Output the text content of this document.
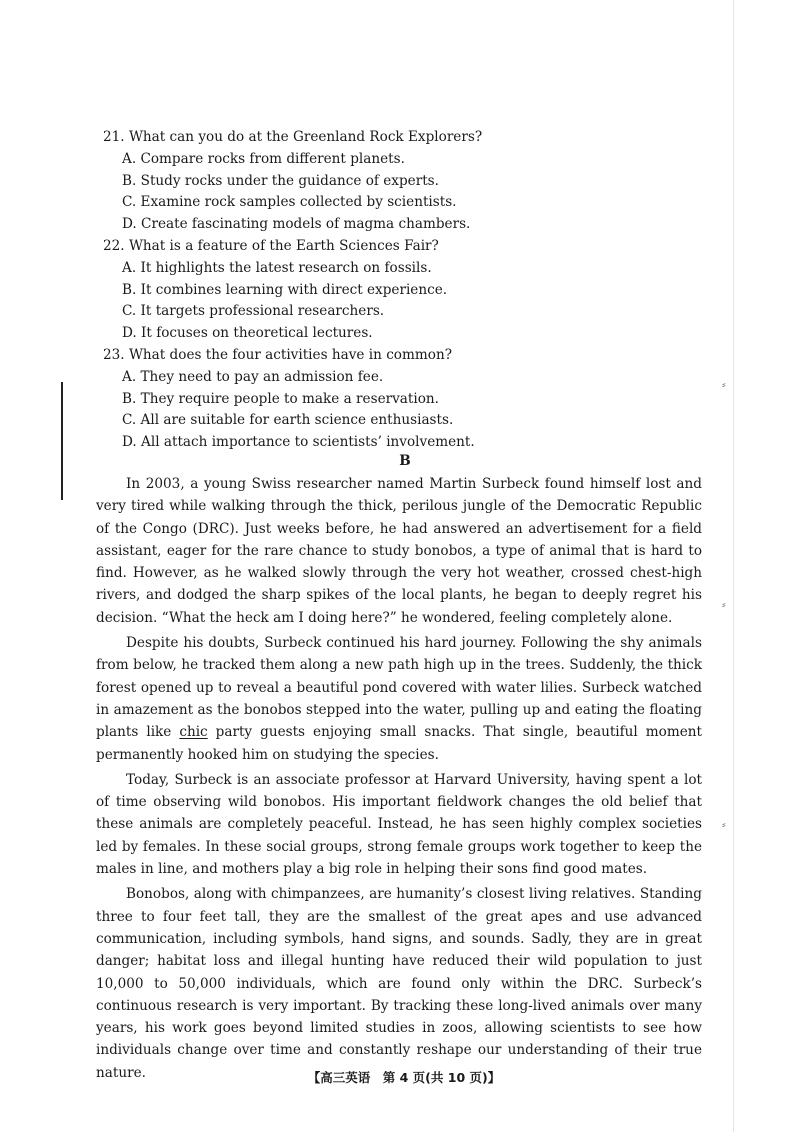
⸗
⸗
⸗
21. What can you do at the Greenland Rock Explorers?
A. Compare rocks from different planets.
B. Study rocks under the guidance of experts.
C. Examine rock samples collected by scientists.
D. Create fascinating models of magma chambers.
22. What is a feature of the Earth Sciences Fair?
A. It highlights the latest research on fossils.
B. It combines learning with direct experience.
C. It targets professional researchers.
D. It focuses on theoretical lectures.
23. What does the four activities have in common?
A. They need to pay an admission fee.
B. They require people to make a reservation.
C. All are suitable for earth science enthusiasts.
D. All attach importance to scientists’ involvement.
B

In 2003, a young Swiss researcher named Martin Surbeck found himself lost and very tired while walking through the thick, perilous jungle of the Democratic Republic of the Congo (DRC). Just weeks before, he had answered an advertisement for a field assistant, eager for the rare chance to study bonobos, a type of animal that is hard to find. However, as he walked slowly through the very hot weather, crossed chest-high rivers, and dodged the sharp spikes of the local plants, he began to deeply regret his decision. “What the heck am I doing here?” he wondered, feeling completely alone.

Despite his doubts, Surbeck continued his hard journey. Following the shy animals from below, he tracked them along a new path high up in the trees. Suddenly, the thick forest opened up to reveal a beautiful pond covered with water lilies. Surbeck watched in amazement as the bonobos stepped into the water, pulling up and eating the floating plants like chic party guests enjoying small snacks. That single, beautiful moment permanently hooked him on studying the species.

Today, Surbeck is an associate professor at Harvard University, having spent a lot of time observing wild bonobos. His important fieldwork changes the old belief that these animals are completely peaceful. Instead, he has seen highly complex societies led by females. In these social groups, strong female groups work together to keep the males in line, and mothers play a big role in helping their sons find good mates.

Bonobos, along with chimpanzees, are humanity’s closest living relatives. Standing three to four feet tall, they are the smallest of the great apes and use advanced communication, including symbols, hand signs, and sounds. Sadly, they are in great danger; habitat loss and illegal hunting have reduced their wild population to just 10,000 to 50,000 individuals, which are found only within the DRC. Surbeck’s continuous research is very important. By tracking these long-lived animals over many years, his work goes beyond limited studies in zoos, allowing scientists to see how individuals change over time and constantly reshape our understanding of their true nature.	【高三英语　第 4 页(共 10 页)】
